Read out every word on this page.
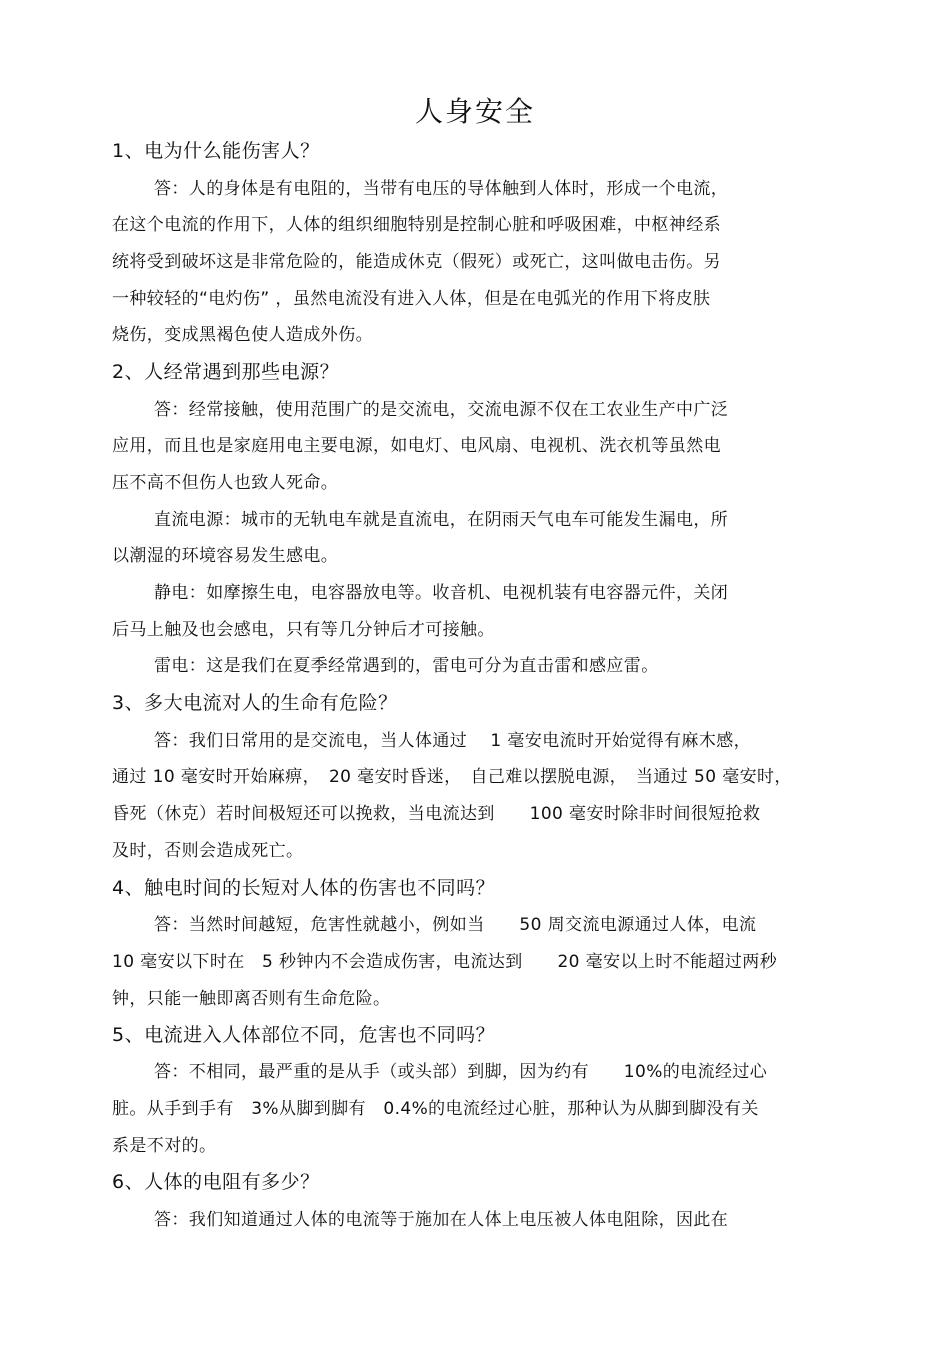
人身安全
1、电为什么能伤害人？
答：人的身体是有电阻的，当带有电压的导体触到人体时，形成一个电流，
在这个电流的作用下，人体的组织细胞特别是控制心脏和呼吸困难，中枢神经系
统将受到破坏这是非常危险的，能造成休克（假死）或死亡，这叫做电击伤。另
一种较轻的“电灼伤” ，虽然电流没有进入人体，但是在电弧光的作用下将皮肤
烧伤，变成黑褐色使人造成外伤。
2、人经常遇到那些电源？
答：经常接触，使用范围广的是交流电，交流电源不仅在工农业生产中广泛
应用，而且也是家庭用电主要电源，如电灯、电风扇、电视机、洗衣机等虽然电
压不高不但伤人也致人死命。
直流电源：城市的无轨电车就是直流电，在阴雨天气电车可能发生漏电，所
以潮湿的环境容易发生感电。
静电：如摩擦生电，电容器放电等。收音机、电视机装有电容器元件，关闭
后马上触及也会感电，只有等几分钟后才可接触。
雷电：这是我们在夏季经常遇到的，雷电可分为直击雷和感应雷。
3、多大电流对人的生命有危险？
答：我们日常用的是交流电，当人体通过　 1 毫安电流时开始觉得有麻木感，
通过 10 毫安时开始麻痹，　20 毫安时昏迷，　自己难以摆脱电源，　当通过 50 毫安时，
昏死（休克）若时间极短还可以挽救，当电流达到　　100 毫安时除非时间很短抢救
及时，否则会造成死亡。
4、触电时间的长短对人体的伤害也不同吗？
答：当然时间越短，危害性就越小，例如当　　50 周交流电源通过人体，电流
10 毫安以下时在　5 秒钟内不会造成伤害，电流达到　　20 毫安以上时不能超过两秒
钟，只能一触即离否则有生命危险。
5、电流进入人体部位不同，危害也不同吗？
答：不相同，最严重的是从手（或头部）到脚，因为约有　　10%的电流经过心
脏。从手到手有　3%从脚到脚有　0.4%的电流经过心脏，那种认为从脚到脚没有关
系是不对的。
6、人体的电阻有多少？
答：我们知道通过人体的电流等于施加在人体上电压被人体电阻除，因此在
